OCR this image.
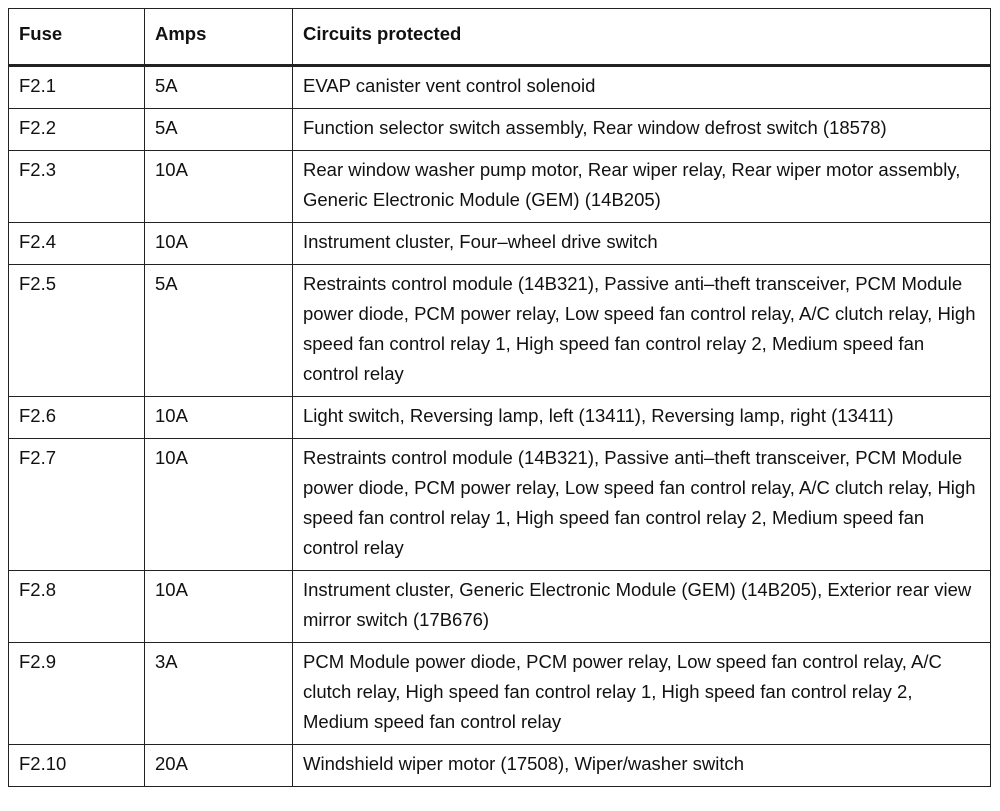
Fuse	Amps	Circuits protected
F2.1	5A	EVAP canister vent control solenoid
F2.2	5A	Function selector switch assembly, Rear window defrost switch (18578)
F2.3	10A	Rear window washer pump motor, Rear wiper relay, Rear wiper motor assembly, Generic Electronic Module (GEM) (14B205)
F2.4	10A	Instrument cluster, Four–wheel drive switch
F2.5	5A	Restraints control module (14B321), Passive anti–theft transceiver, PCM Module power diode, PCM power relay, Low speed fan control relay, A/C clutch relay, High speed fan control relay 1, High speed fan control relay 2, Medium speed fan control relay
F2.6	10A	Light switch, Reversing lamp, left (13411), Reversing lamp, right (13411)
F2.7	10A	Restraints control module (14B321), Passive anti–theft transceiver, PCM Module power diode, PCM power relay, Low speed fan control relay, A/C clutch relay, High speed fan control relay 1, High speed fan control relay 2, Medium speed fan control relay
F2.8	10A	Instrument cluster, Generic Electronic Module (GEM) (14B205), Exterior rear view mirror switch (17B676)
F2.9	3A	PCM Module power diode, PCM power relay, Low speed fan control relay, A/C clutch relay, High speed fan control relay 1, High speed fan control relay 2, Medium speed fan control relay
F2.10	20A	Windshield wiper motor (17508), Wiper/washer switch
